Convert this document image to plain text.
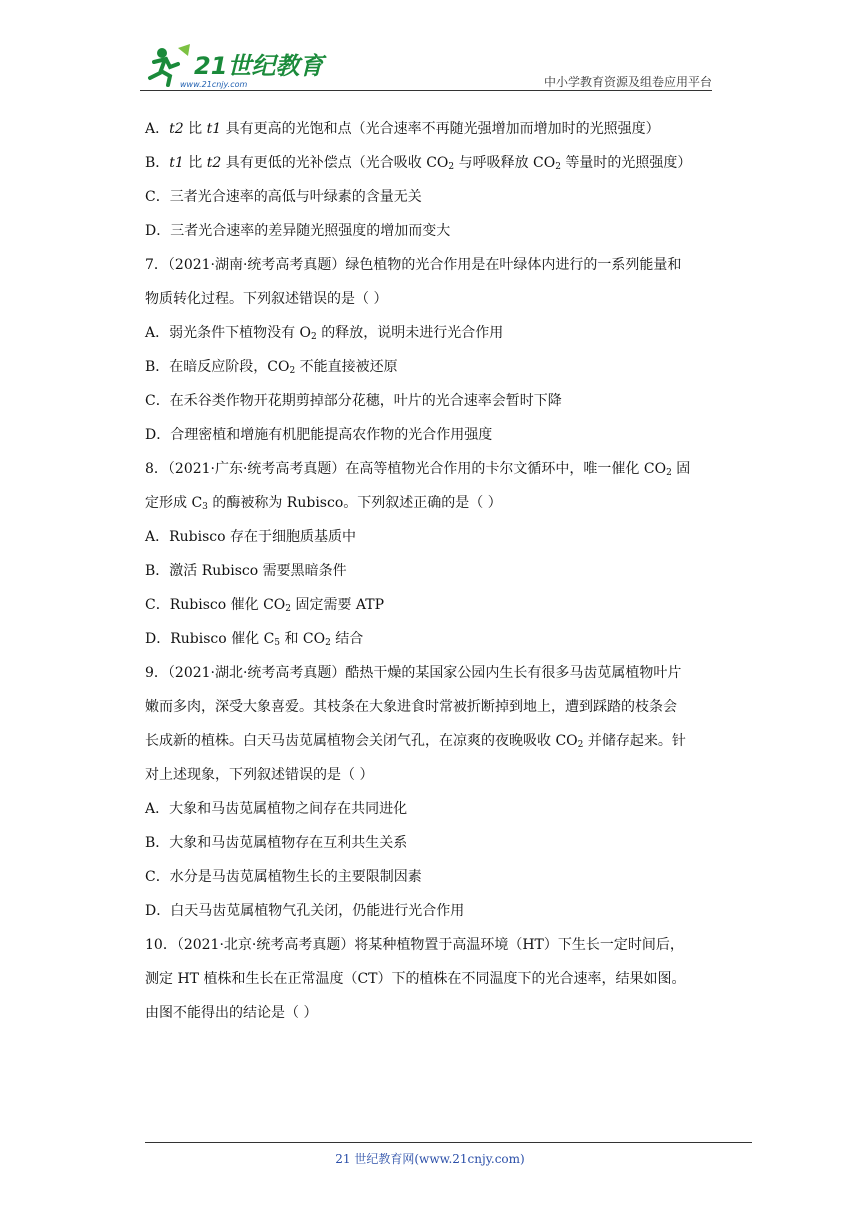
21世纪教育
www.21cnjy.com	中小学教育资源及组卷应用平台
A．t2 比 t1 具有更高的光饱和点（光合速率不再随光强增加而增加时的光照强度）
B．t1 比 t2 具有更低的光补偿点（光合吸收 $CO_2$ 与呼吸释放 $CO_2$ 等量时的光照强度）
C．三者光合速率的高低与叶绿素的含量无关
D．三者光合速率的差异随光照强度的增加而变大
7．（2021·湖南·统考高考真题）绿色植物的光合作用是在叶绿体内进行的一系列能量和
物质转化过程。下列叙述错误的是（ ）
A．弱光条件下植物没有 $O_2$ 的释放，说明未进行光合作用
B．在暗反应阶段，$CO_2$ 不能直接被还原
C．在禾谷类作物开花期剪掉部分花穗，叶片的光合速率会暂时下降
D．合理密植和增施有机肥能提高农作物的光合作用强度
8．（2021·广东·统考高考真题）在高等植物光合作用的卡尔文循环中，唯一催化 $CO_2$ 固
定形成 $C_3$ 的酶被称为 Rubisco。下列叙述正确的是（ ）
A．Rubisco 存在于细胞质基质中
B．激活 Rubisco 需要黑暗条件
C．Rubisco 催化 $CO_2$ 固定需要 ATP
D．Rubisco 催化 $C_5$ 和 $CO_2$ 结合
9．（2021·湖北·统考高考真题）酷热干燥的某国家公园内生长有很多马齿苋属植物叶片
嫩而多肉，深受大象喜爱。其枝条在大象进食时常被折断掉到地上，遭到踩踏的枝条会
长成新的植株。白天马齿苋属植物会关闭气孔，在凉爽的夜晚吸收 $CO_2$ 并储存起来。针
对上述现象，下列叙述错误的是（ ）
A．大象和马齿苋属植物之间存在共同进化
B．大象和马齿苋属植物存在互利共生关系
C．水分是马齿苋属植物生长的主要限制因素
D．白天马齿苋属植物气孔关闭，仍能进行光合作用
10．（2021·北京·统考高考真题）将某种植物置于高温环境（HT）下生长一定时间后，
测定 HT 植株和生长在正常温度（CT）下的植株在不同温度下的光合速率，结果如图。
由图不能得出的结论是（ ）
21 世纪教育网(www.21cnjy.com)
